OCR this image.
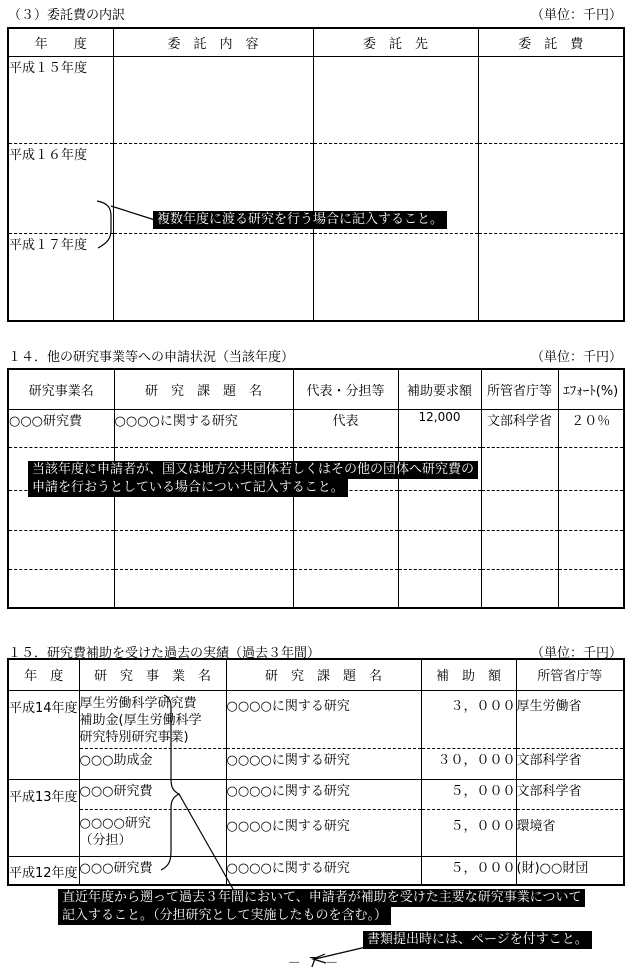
（３）委託費の内訳	（単位：千円）
年　　度	委　託　内　容	委　託　先	委　託　費
平成１５年度			
平成１６年度			
平成１７年度			
複数年度に渡る研究を行う場合に記入すること。
１４．他の研究事業等への申請状況（当該年度）	（単位：千円）
研究事業名	研　究　課　題　名	代表・分担等	補助要求額	所管省庁等	ｴﾌｫｰﾄ(%)
○○○研究費	○○○○に関する研究	代表	12,000	文部科学省	２０％

当該年度に申請者が、国又は地方公共団体若しくはその他の団体へ研究費の
申請を行おうとしている場合について記入すること。
１５．研究費補助を受けた過去の実績（過去３年間）	（単位：千円）
年　度	研　究　事　業　名	研　究　課　題　名	補　助　額	所管省庁等
平成14年度	厚生労働科学研究費
補助金(厚生労働科学
研究特別研究事業)	○○○○に関する研究	３，０００	厚生労働省
	○○○助成金	○○○○に関する研究	３０，０００	文部科学省
平成13年度	○○○研究費	○○○○に関する研究	５，０００	文部科学省

	○○○○研究
（分担）	○○○○に関する研究	５，０００	環境省
平成12年度	○○○研究費	○○○○に関する研究	５，０００	(財)○○財団
直近年度から遡って過去３年間において、申請者が補助を受けた主要な研究事業について
記入すること。（分担研究として実施したものを含む。）
書類提出時には、ページを付すこと。
－ 7 －
